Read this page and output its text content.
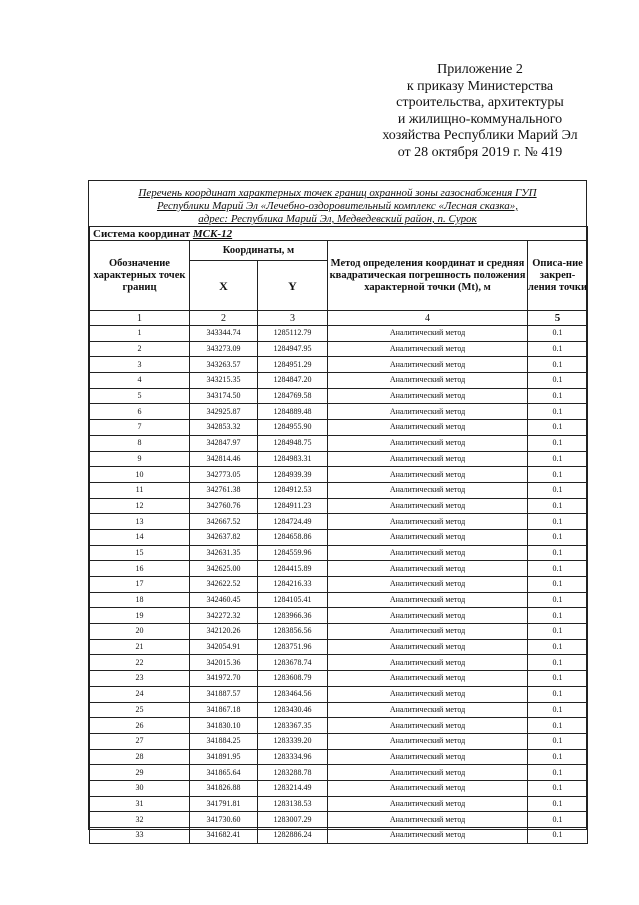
Приложение 2
к приказу Министерства
строительства, архитектуры
и жилищно-коммунального
хозяйства Республики Марий Эл
от 28 октября 2019 г. № 419
Перечень координат характерных точек границ охранной зоны газоснабжения ГУП
Республики Марий Эл «Лечебно-оздоровительный комплекс «Лесная сказка»,
адрес: Республика Марий Эл, Медведевский район, п. Сурок
Система координат МСК-12				
Обозначение характерных точек границ	Координаты, м		Метод определения координат и средняя квадратическая погрешность положения характерной точки (Mt), м	Описа-ние закреп-ления точки
	X	Y		
1	2	3	4	5
1	343344.74	1285112.79	Аналитический метод	0.1
2	343273.09	1284947.95	Аналитический метод	0.1
3	343263.57	1284951.29	Аналитический метод	0.1
4	343215.35	1284847.20	Аналитический метод	0.1
5	343174.50	1284769.58	Аналитический метод	0.1
6	342925.87	1284889.48	Аналитический метод	0.1
7	342853.32	1284955.90	Аналитический метод	0.1
8	342847.97	1284948.75	Аналитический метод	0.1
9	342814.46	1284983.31	Аналитический метод	0.1
10	342773.05	1284939.39	Аналитический метод	0.1
11	342761.38	1284912.53	Аналитический метод	0.1
12	342760.76	1284911.23	Аналитический метод	0.1
13	342667.52	1284724.49	Аналитический метод	0.1
14	342637.82	1284658.86	Аналитический метод	0.1
15	342631.35	1284559.96	Аналитический метод	0.1
16	342625.00	1284415.89	Аналитический метод	0.1
17	342622.52	1284216.33	Аналитический метод	0.1
18	342460.45	1284105.41	Аналитический метод	0.1
19	342272.32	1283966.36	Аналитический метод	0.1
20	342120.26	1283856.56	Аналитический метод	0.1
21	342054.91	1283751.96	Аналитический метод	0.1
22	342015.36	1283678.74	Аналитический метод	0.1
23	341972.70	1283608.79	Аналитический метод	0.1
24	341887.57	1283464.56	Аналитический метод	0.1
25	341867.18	1283430.46	Аналитический метод	0.1
26	341830.10	1283367.35	Аналитический метод	0.1
27	341884.25	1283339.20	Аналитический метод	0.1
28	341891.95	1283334.96	Аналитический метод	0.1
29	341865.64	1283288.78	Аналитический метод	0.1
30	341826.88	1283214.49	Аналитический метод	0.1
31	341791.81	1283138.53	Аналитический метод	0.1
32	341730.60	1283007.29	Аналитический метод	0.1
33	341682.41	1282886.24	Аналитический метод	0.1
